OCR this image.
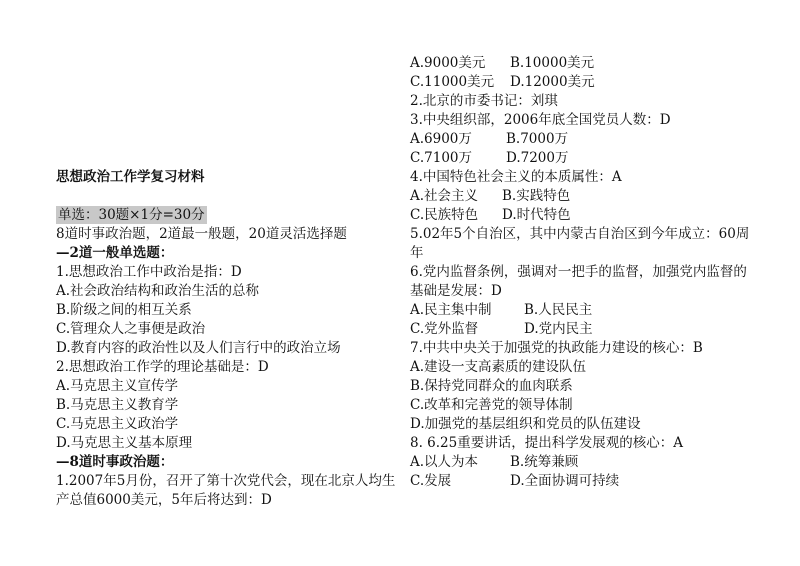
思想政治工作学复习材料
单选：30题×1分=30分
8道时事政治题，2道最一般题，20道灵活选择题
—2道一般单选题：
1.思想政治工作中政治是指：D
A.社会政治结构和政治生活的总称
B.阶级之间的相互关系
C.管理众人之事便是政治
D.教育内容的政治性以及人们言行中的政治立场
2.思想政治工作学的理论基础是：D
A.马克思主义宣传学
B.马克思主义教育学
C.马克思主义政治学
D.马克思主义基本原理
—8道时事政治题：
1.2007年5月份，召开了第十次党代会，现在北京人均生
产总值6000美元，5年后将达到：D
A.9000美元 B.10000美元
C.11000美元 D.12000美元
2.北京的市委书记：刘琪
3.中央组织部，2006年底全国党员人数：D
A.6900万	B.7000万
C.7100万	D.7200万
4.中国特色社会主义的本质属性：A
A.社会主义 B.实践特色
C.民族特色 D.时代特色
5.02年5个自治区，其中内蒙古自治区到今年成立：60周
年
6.党内监督条例，强调对一把手的监督，加强党内监督的
基础是发展：D
A.民主集中制 B.人民民主
C.党外监督	D.党内民主
7.中共中央关于加强党的执政能力建设的核心：B
A.建设一支高素质的建设队伍
B.保持党同群众的血肉联系
C.改革和完善党的领导体制
D.加强党的基层组织和党员的队伍建设
8. 6.25重要讲话，提出科学发展观的核心：A
A.以人为本 B.统筹兼顾
C.发展	D.全面协调可持续
